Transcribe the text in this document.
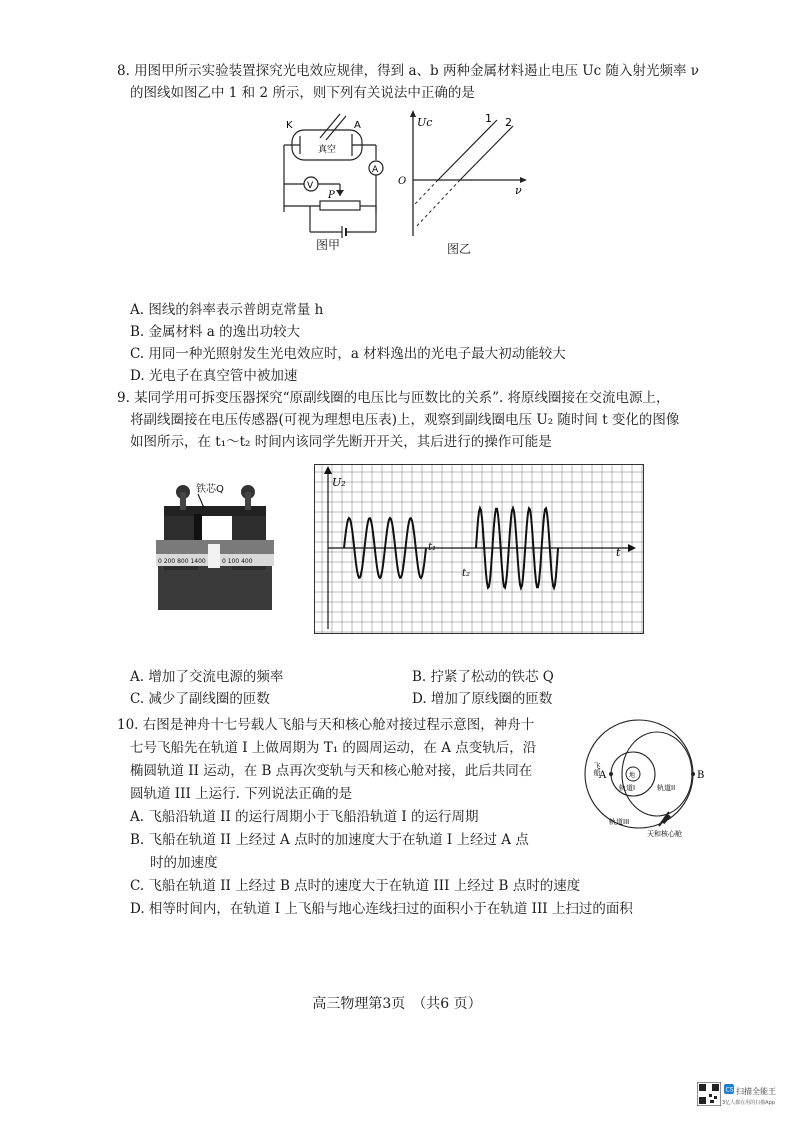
8. 用图甲所示实验装置探究光电效应规律，得到 a、b 两种金属材料遏止电压 Uc 随入射光频率 ν
的图线如图乙中 1 和 2 所示，则下列有关说法中正确的是
K	A
真空
A
V
P
图甲
Uc
O
ν
1 2
图乙
A. 图线的斜率表示普朗克常量 h
B. 金属材料 a 的逸出功较大
C. 用同一种光照射发生光电效应时，a 材料逸出的光电子最大初动能较大
D. 光电子在真空管中被加速
9. 某同学用可拆变压器探究“原副线圈的电压比与匝数比的关系”. 将原线圈接在交流电源上，
将副线圈接在电压传感器(可视为理想电压表)上，观察到副线圈电压 U₂ 随时间 t 变化的图像
如图所示，在 t₁～t₂ 时间内该同学先断开开关，其后进行的操作可能是
铁芯Q
0 200 800 1400	0 100 400
U₂
t₁
t₂
t
A. 增加了交流电源的频率	B. 拧紧了松动的铁芯 Q
C. 减少了副线圈的匝数	D. 增加了原线圈的匝数
10. 右图是神舟十七号载人飞船与天和核心舱对接过程示意图，神舟十
七号飞船先在轨道 I 上做周期为 T₁ 的圆周运动，在 A 点变轨后，沿
椭圆轨道 II 运动，在 B 点再次变轨与天和核心舱对接，此后共同在
圆轨道 III 上运行. 下列说法正确的是
A. 飞船沿轨道 II 的运行周期小于飞船沿轨道 I 的运行周期
B. 飞船在轨道 II 上经过 A 点时的加速度大于在轨道 I 上经过 A 点
时的加速度
C. 飞船在轨道 II 上经过 B 点时的速度大于在轨道 III 上经过 B 点时的速度
D. 相等时间内，在轨道 I 上飞船与地心连线扫过的面积小于在轨道 III 上扫过的面积
飞船
A	B
地
轨道I	轨道II
轨道III
天和核心舱
高三物理第3页　（共6 页）
CS 扫描全能王
3亿人都在用的扫描App
